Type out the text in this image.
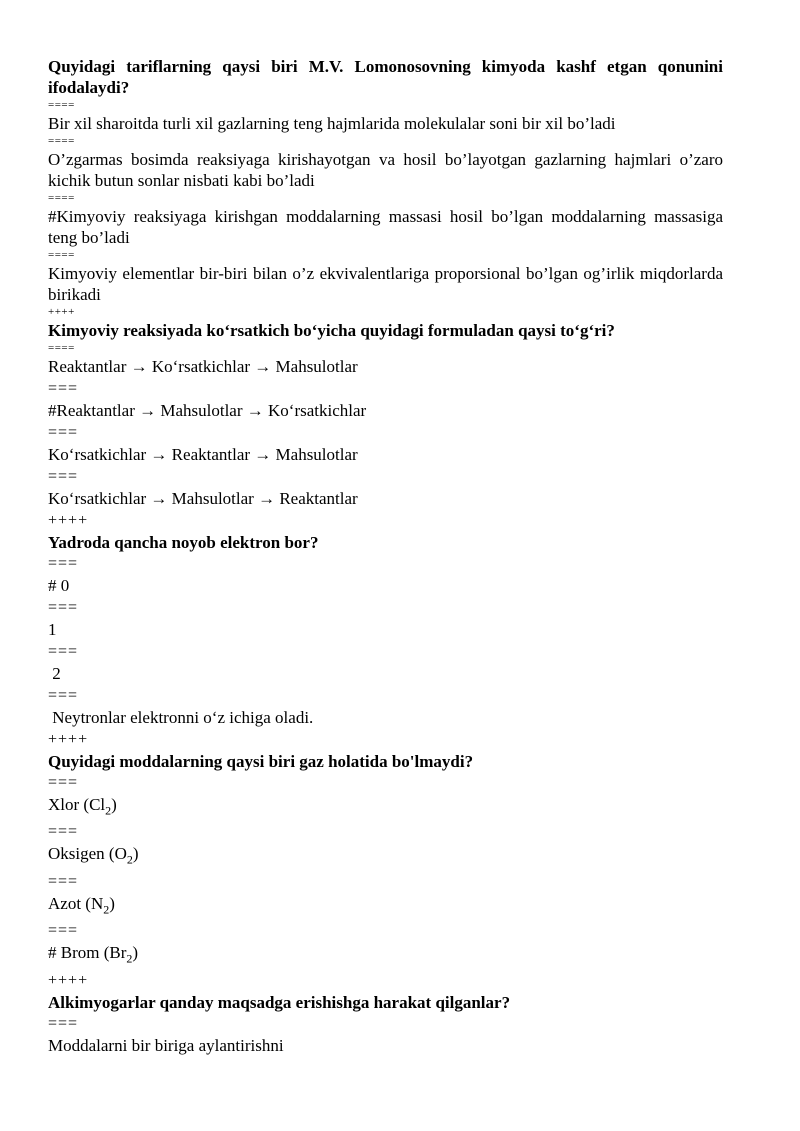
Quyidagi tariflarning qaysi biri M.V. Lomonosovning kimyoda kashf etgan qonunini ifodalaydi?
====
Bir xil sharoitda turli xil gazlarning teng hajmlarida molekulalar soni bir xil bo’ladi
====
O’zgarmas bosimda reaksiyaga kirishayotgan va hosil bo’layotgan gazlarning hajmlari o’zaro kichik butun sonlar nisbati kabi bo’ladi
====
#Kimyoviy reaksiyaga kirishgan moddalarning massasi hosil bo’lgan moddalarning massasiga teng bo’ladi
====
Kimyoviy elementlar bir-biri bilan o’z ekvivalentlariga proporsional bo’lgan og’irlik miqdorlarda birikadi
++++
Kimyoviy reaksiyada ko‘rsatkich bo‘yicha quyidagi formuladan qaysi to‘g‘ri?
====
Reaktantlar → Ko‘rsatkichlar → Mahsulotlar
===
#Reaktantlar → Mahsulotlar → Ko‘rsatkichlar
===
Ko‘rsatkichlar → Reaktantlar → Mahsulotlar
===
Ko‘rsatkichlar → Mahsulotlar → Reaktantlar
++++
Yadroda qancha noyob elektron bor?
===
# 0
===
1
===
2
===
Neytronlar elektronni o‘z ichiga oladi.
++++
Quyidagi moddalarning qaysi biri gaz holatida bo'lmaydi?
===
Xlor $(Cl_2)$
===
Oksigen $(O_2)$
===
Azot $(N_2)$
===
# Brom $(Br_2)$
++++
Alkimyogarlar qanday maqsadga erishishga harakat qilganlar?
===
Moddalarni bir biriga aylantirishni
